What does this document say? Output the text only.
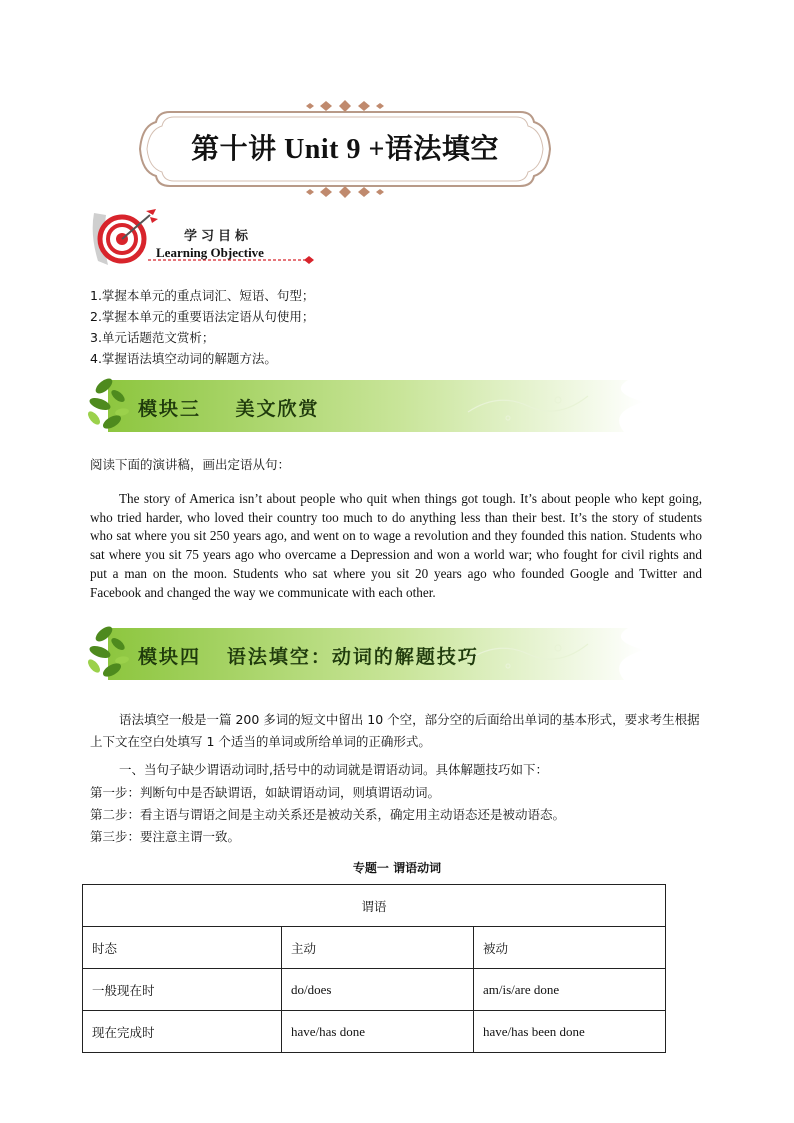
第十讲 Unit 9 +语法填空
学习目标
Learning Objective
1.掌握本单元的重点词汇、短语、句型；
2.掌握本单元的重要语法定语从句使用；
3.单元话题范文赏析；
4.掌握语法填空动词的解题方法。
模块三    美文欣赏
阅读下面的演讲稿，画出定语从句：

The story of America isn’t about people who quit when things got tough. It’s about people who kept going, who tried harder, who loved their country too much to do anything less than their best. It’s the story of students who sat where you sit 250 years ago, and went on to wage a revolution and they founded this nation. Students who sat where you sit 75 years ago who overcame a Depression and won a world war; who fought for civil rights and put a man on the moon. Students who sat where you sit 20 years ago who founded Google and Twitter and Facebook and changed the way we communicate with each other.

模块四   语法填空：动词的解题技巧

语法填空一般是一篇 200 多词的短文中留出 10 个空，部分空的后面给出单词的基本形式，要求考生根据上下文在空白处填写 1 个适当的单词或所给单词的正确形式。

一、当句子缺少谓语动词时,括号中的动词就是谓语动词。具体解题技巧如下：

第一步：判断句中是否缺谓语，如缺谓语动词，则填谓语动词。
第二步：看主语与谓语之间是主动关系还是被动关系，确定用主动语态还是被动语态。
第三步：要注意主谓一致。
专题一 谓语动词
谓语		
时态	主动	被动
一般现在时	do/does	am/is/are done
现在完成时	have/has done	have/has been done
